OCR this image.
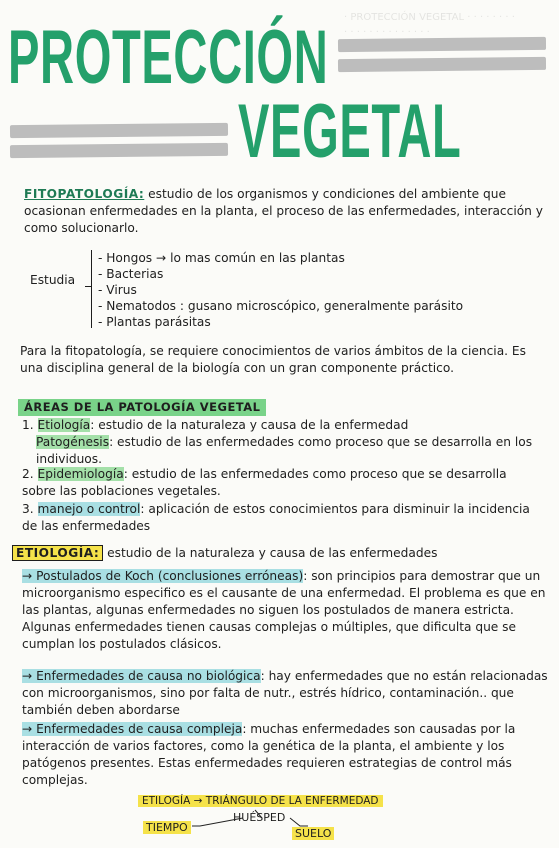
· PROTECCIÓN VEGETAL · · · · · · · ·
· · · · · · · · · · · · · ·
PROTECCIÓN
VEGETAL
FITOPATOLOGÍA: estudio de los organismos y condiciones del ambiente que ocasionan enfermedades en la planta, el proceso de las enfermedades, interacción y como solucionarlo.
Estudia
- Hongos → lo mas común en las plantas
- Bacterias
- Virus
- Nematodos : gusano microscópico, generalmente parásito
- Plantas parásitas
Para la fitopatología, se requiere conocimientos de varios ámbitos de la ciencia. Es una disciplina general de la biología con un gran componente práctico.
ÁREAS DE LA PATOLOGÍA VEGETAL
1. Etiología: estudio de la naturaleza y causa de la enfermedad
Patogénesis: estudio de las enfermedades como proceso que se desarrolla en los individuos.
2. Epidemiología: estudio de las enfermedades como proceso que se desarrolla sobre las poblaciones vegetales.
3. manejo o control: aplicación de estos conocimientos para disminuir la incidencia de las enfermedades
ETIOLOGÍA: estudio de la naturaleza y causa de las enfermedades
→ Postulados de Koch (conclusiones erróneas): son principios para demostrar que un microorganismo especifico es el causante de una enfermedad. El problema es que en las plantas, algunas enfermedades no siguen los postulados de manera estricta. Algunas enfermedades tienen causas complejas o múltiples, que dificulta que se cumplan los postulados clásicos.
→ Enfermedades de causa no biológica: hay enfermedades que no están relacionadas con microorganismos, sino por falta de nutr., estrés hídrico, contaminación.. que también deben abordarse
→ Enfermedades de causa compleja: muchas enfermedades son causadas por la interacción de varios factores, como la genética de la planta, el ambiente y los patógenos presentes. Estas enfermedades requieren estrategias de control más complejas.
ETILOGÍA → TRIÁNGULO DE LA ENFERMEDAD
HUÉSPED
TIEMPO	SUELO
